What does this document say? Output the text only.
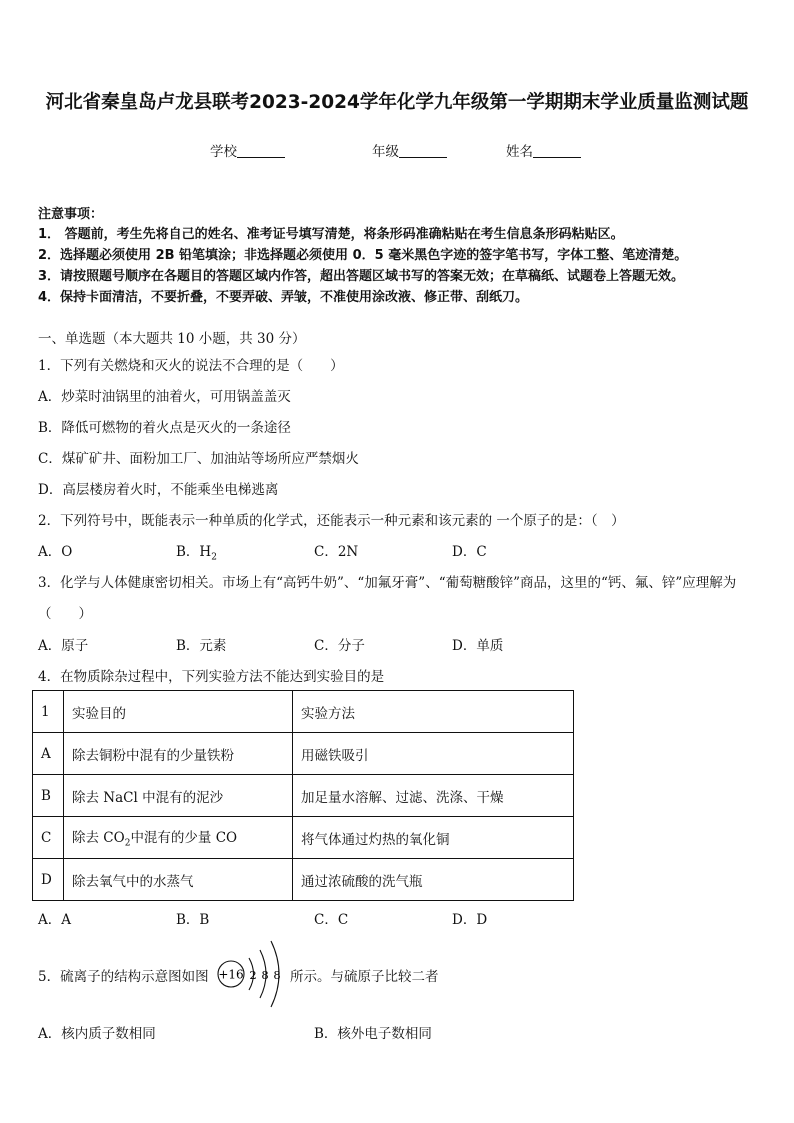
河北省秦皇岛卢龙县联考2023-2024学年化学九年级第一学期期末学业质量监测试题
学校	年级	姓名
注意事项：
1． 答题前，考生先将自己的姓名、准考证号填写清楚，将条形码准确粘贴在考生信息条形码粘贴区。
2．选择题必须使用 2B 铅笔填涂；非选择题必须使用 0．5 毫米黑色字迹的签字笔书写，字体工整、笔迹清楚。
3．请按照题号顺序在各题目的答题区域内作答，超出答题区域书写的答案无效；在草稿纸、试题卷上答题无效。
4．保持卡面清洁，不要折叠，不要弄破、弄皱，不准使用涂改液、修正带、刮纸刀。
一、单选题（本大题共 10 小题，共 30 分）
1．下列有关燃烧和灭火的说法不合理的是（　　）
A．炒菜时油锅里的油着火，可用锅盖盖灭
B．降低可燃物的着火点是灭火的一条途径
C．煤矿矿井、面粉加工厂、加油站等场所应严禁烟火
D．高层楼房着火时，不能乘坐电梯逃离
2．下列符号中，既能表示一种单质的化学式，还能表示一种元素和该元素的 一个原子的是：（　）
A．O	B．$H_2$	C．2N	D．C
3．化学与人体健康密切相关。市场上有“高钙牛奶”、“加氟牙膏”、“葡萄糖酸锌”商品，这里的“钙、氟、锌”应理解为
（　　）
A．原子	B．元素	C．分子	D．单质
4．在物质除杂过程中，下列实验方法不能达到实验目的是
1	实验目的	实验方法
A	除去铜粉中混有的少量铁粉	用磁铁吸引
B	除去 NaCl 中混有的泥沙	加足量水溶解、过滤、洗涤、干燥
C	除去 $CO_2$中混有的少量 CO	将气体通过灼热的氧化铜
D	除去氧气中的水蒸气	通过浓硫酸的洗气瓶
A．A	B．B	C．C	D．D
5．硫离子的结构示意图如图 +16 2 8 8 所示。与硫原子比较二者
A．核内质子数相同	B．核外电子数相同
